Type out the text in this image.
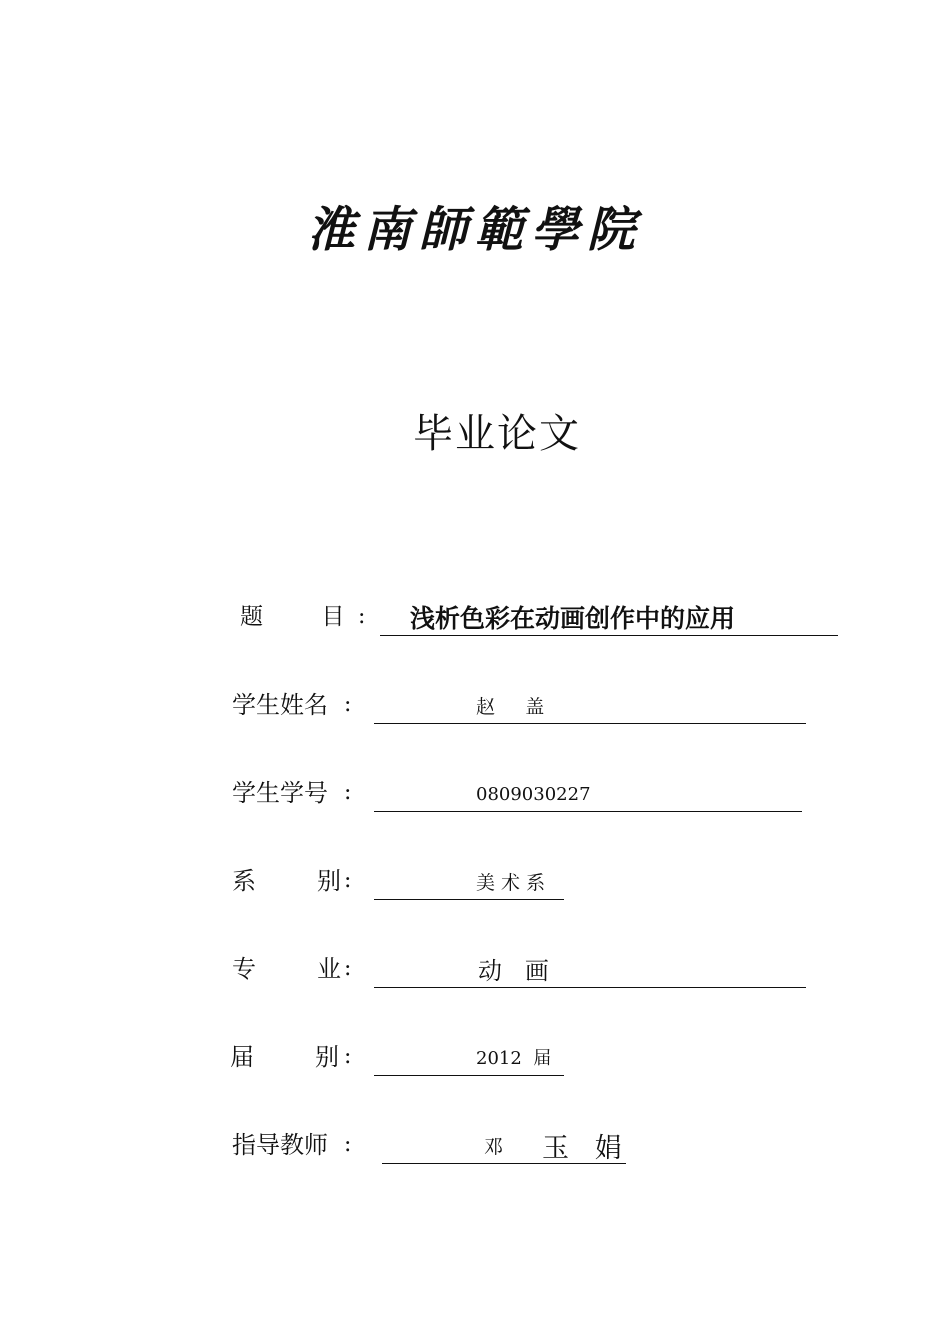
淮南師範學院
毕业论文
题        目 : 浅析色彩在动画创作中的应用
学生姓名 :	赵     盖
学生学号 :	0809030227
系        别 :	美 术 系
专        业 :	动   画
届        别 :	2012  届
指导教师 :	邓 玉   娟
